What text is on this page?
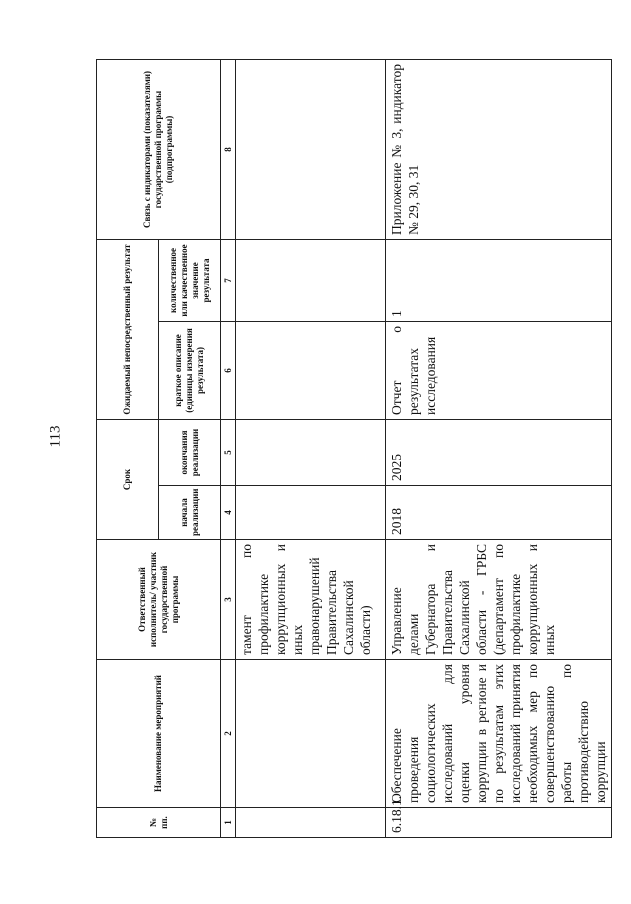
113
№ пп.	Наименование мероприятий	Ответственный исполнитель/ участник государственной программы	Срок		Ожидаемый непосредственный результат		Связь с индикаторами (показателями) государственной программы (подпрограммы)
			начала реализации	окончания реализации	краткое описание (единицы измерения результата)	количественное или качественное значение результата	
1	2	3	4	5	6	7	8
		тамент по профилактике коррупционных и иных правонарушений Правительства Сахалинской области)					
6.18.1.	Обеспечение проведения социологических исследований для оценки уровня коррупции в регионе и по результатам этих исследований принятия необходимых мер по совершенствованию работы по противодействию коррупции	Управление делами Губернатора и Правительства Сахалинской области - ГРБС (департамент по профилактике коррупционных и иных	2018	2025	Отчет о результатах исследования	1	Приложение № 3, индикатор № 29, 30, 31
